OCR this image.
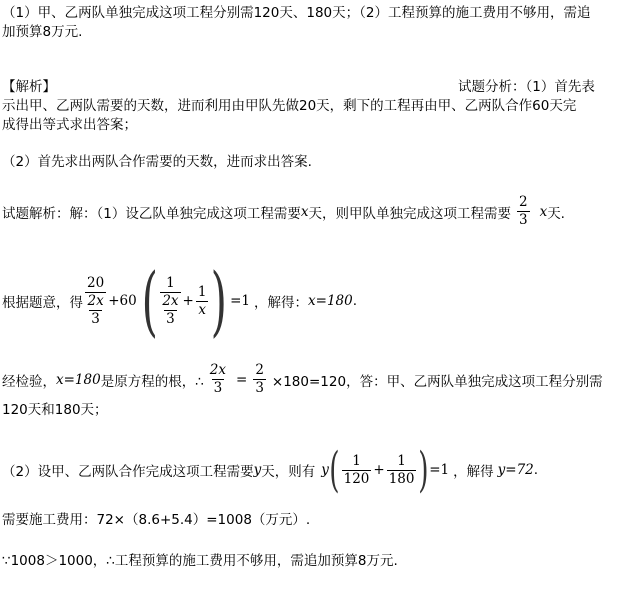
（1）甲、乙两队单独完成这项工程分别需120天、180天；（2）工程预算的施工费用不够用，需追
加预算8万元.
【解析】	试题分析：（1）首先表
示出甲、乙两队需要的天数，进而利用由甲队先做20天，剩下的工程再由甲、乙两队合作60天完
成得出等式求出答案；
（2）首先求出两队合作需要的天数，进而求出答案.
试题解析：解：（1）设乙队单独完成这项工程需要 x 天，则甲队单独完成这项工程需要 $\frac{2}{3}$ x 天.
根据题意，得 $\frac{20}{\frac{2x}{3}} +60$ ( $\frac{1}{\frac{2x}{3}} + \frac{1}{x}$ ) =1 ，解得： x=180 .
经检验， x=180 是原方程的根，∴ $\frac{2x}{3} = \frac{2}{3} \times 180=120$，答：甲、乙两队单独完成这项工程分别需
120天和180天；
（2）设甲、乙两队合作完成这项工程需要 y 天，则有 y ( $\frac{1}{120} + \frac{1}{180}$ ) =1 ，解得 y=72 .
需要施工费用：72×（8.6+5.4）=1008（万元）.
∵1008＞1000，∴工程预算的施工费用不够用，需追加预算8万元.
